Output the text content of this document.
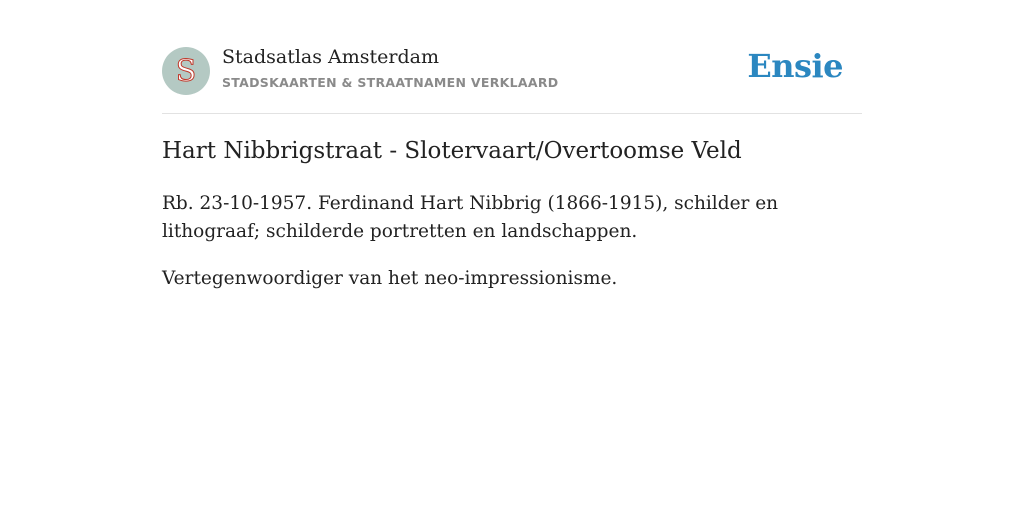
S Stadsatlas Amsterdam
STADSKAARTEN & STRAATNAMEN VERKLAARD	Ensie
Hart Nibbrigstraat - Slotervaart/Overtoomse Veld

Rb. 23-10-1957. Ferdinand Hart Nibbrig (1866-1915), schilder en lithograaf; schilderde portretten en landschappen.

Vertegenwoordiger van het neo-impressionisme.
